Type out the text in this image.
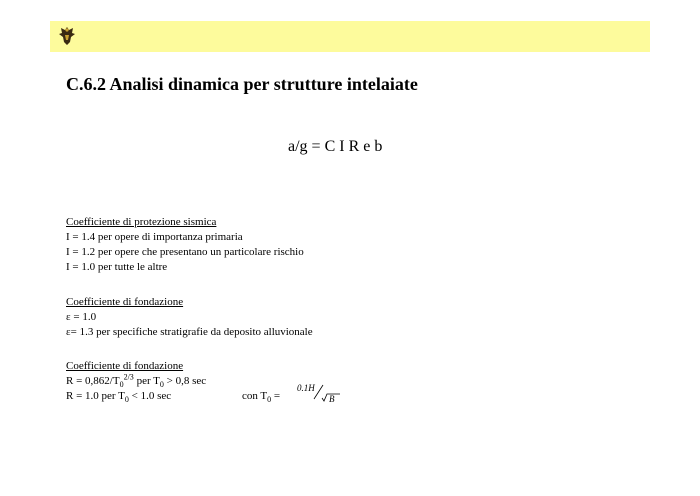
C.6.2 Analisi dinamica per strutture intelaiate
a/g = C I R e b
Coefficiente di protezione sismica
I = 1.4 per opere di importanza primaria
I = 1.2 per opere che presentano un particolare rischio
I = 1.0 per tutte le altre
Coefficiente di fondazione
ε = 1.0
ε= 1.3 per specifiche stratigrafie da deposito alluvionale
Coefficiente di fondazione
$R = 0,862/T_0^{2/3}$ per $T_0 > 0,8$ sec
R = 1.0 per $T_0 < 1.0$ sec	con $T_0$ =
0.1H
B
